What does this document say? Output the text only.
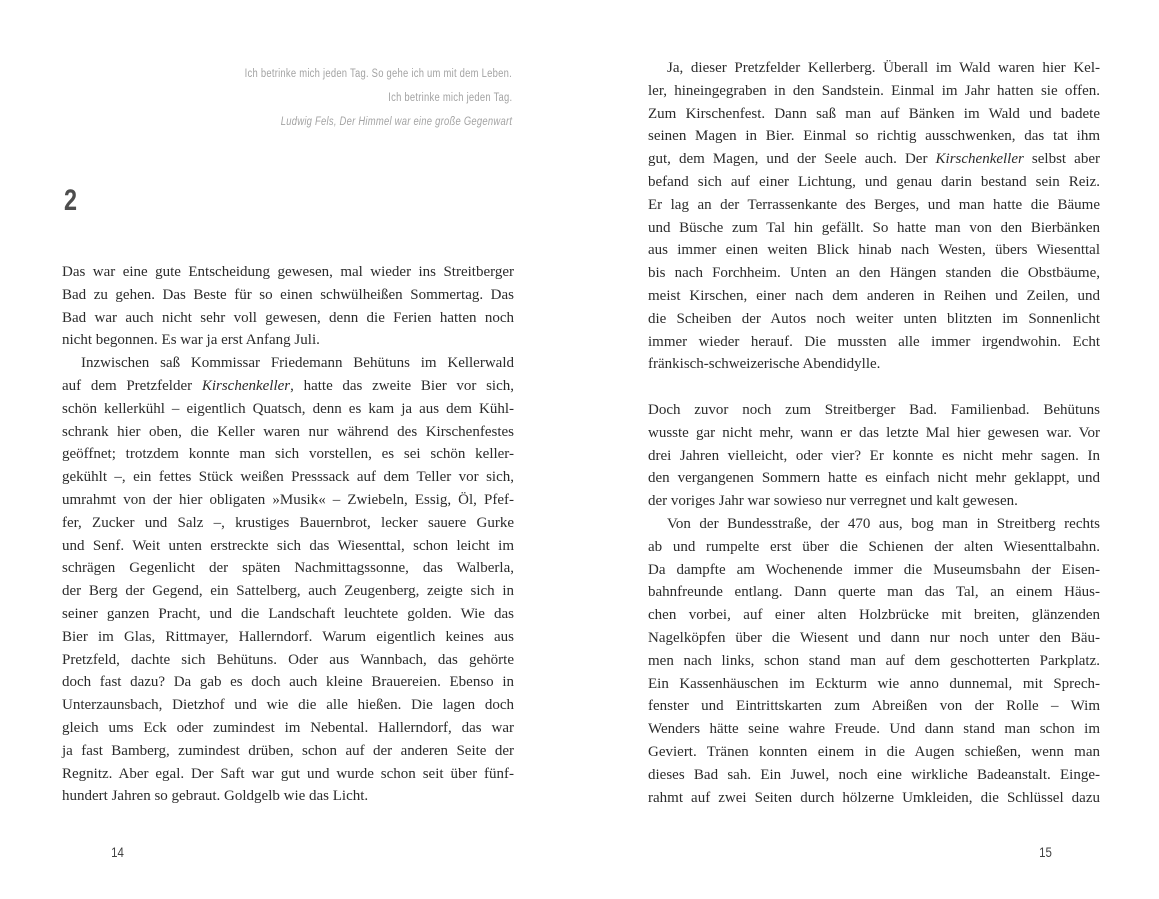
Ich betrinke mich jeden Tag. So gehe ich um mit dem Leben.
Ich betrinke mich jeden Tag.
Ludwig Fels, Der Himmel war eine große Gegenwart
2
Das war eine gute Entscheidung gewesen, mal wieder ins Streitberger
Bad zu gehen. Das Beste für so einen schwülheißen Sommertag. Das
Bad war auch nicht sehr voll gewesen, denn die Ferien hatten noch
nicht begonnen. Es war ja erst Anfang Juli.
Inzwischen saß Kommissar Friedemann Behütuns im Kellerwald
auf dem Pretzfelder Kirschenkeller, hatte das zweite Bier vor sich,
schön kellerkühl – eigentlich Quatsch, denn es kam ja aus dem Kühl-
schrank hier oben, die Keller waren nur während des Kirschenfestes
geöffnet; trotzdem konnte man sich vorstellen, es sei schön keller-
gekühlt –, ein fettes Stück weißen Presssack auf dem Teller vor sich,
umrahmt von der hier obligaten »Musik« – Zwiebeln, Essig, Öl, Pfef-
fer, Zucker und Salz –, krustiges Bauernbrot, lecker sauere Gurke
und Senf. Weit unten erstreckte sich das Wiesenttal, schon leicht im
schrägen Gegenlicht der späten Nachmittagssonne, das Walberla,
der Berg der Gegend, ein Sattelberg, auch Zeugenberg, zeigte sich in
seiner ganzen Pracht, und die Landschaft leuchtete golden. Wie das
Bier im Glas, Rittmayer, Hallerndorf. Warum eigentlich keines aus
Pretzfeld, dachte sich Behütuns. Oder aus Wannbach, das gehörte
doch fast dazu? Da gab es doch auch kleine Brauereien. Ebenso in
Unterzaunsbach, Dietzhof und wie die alle hießen. Die lagen doch
gleich ums Eck oder zumindest im Nebental. Hallerndorf, das war
ja fast Bamberg, zumindest drüben, schon auf der anderen Seite der
Regnitz. Aber egal. Der Saft war gut und wurde schon seit über fünf-
hundert Jahren so gebraut. Goldgelb wie das Licht.
14
Ja, dieser Pretzfelder Kellerberg. Überall im Wald waren hier Kel-
ler, hineingegraben in den Sandstein. Einmal im Jahr hatten sie offen.
Zum Kirschenfest. Dann saß man auf Bänken im Wald und badete
seinen Magen in Bier. Einmal so richtig ausschwenken, das tat ihm
gut, dem Magen, und der Seele auch. Der Kirschenkeller selbst aber
befand sich auf einer Lichtung, und genau darin bestand sein Reiz.
Er lag an der Terrassenkante des Berges, und man hatte die Bäume
und Büsche zum Tal hin gefällt. So hatte man von den Bierbänken
aus immer einen weiten Blick hinab nach Westen, übers Wiesenttal
bis nach Forchheim. Unten an den Hängen standen die Obstbäume,
meist Kirschen, einer nach dem anderen in Reihen und Zeilen, und
die Scheiben der Autos noch weiter unten blitzten im Sonnenlicht
immer wieder herauf. Die mussten alle immer irgendwohin. Echt
fränkisch-schweizerische Abendidylle.
Doch zuvor noch zum Streitberger Bad. Familienbad. Behütuns
wusste gar nicht mehr, wann er das letzte Mal hier gewesen war. Vor
drei Jahren vielleicht, oder vier? Er konnte es nicht mehr sagen. In
den vergangenen Sommern hatte es einfach nicht mehr geklappt, und
der voriges Jahr war sowieso nur verregnet und kalt gewesen.
Von der Bundesstraße, der 470 aus, bog man in Streitberg rechts
ab und rumpelte erst über die Schienen der alten Wiesenttalbahn.
Da dampfte am Wochenende immer die Museumsbahn der Eisen-
bahnfreunde entlang. Dann querte man das Tal, an einem Häus-
chen vorbei, auf einer alten Holzbrücke mit breiten, glänzenden
Nagelköpfen über die Wiesent und dann nur noch unter den Bäu-
men nach links, schon stand man auf dem geschotterten Parkplatz.
Ein Kassenhäuschen im Eckturm wie anno dunnemal, mit Sprech-
fenster und Eintrittskarten zum Abreißen von der Rolle – Wim
Wenders hätte seine wahre Freude. Und dann stand man schon im
Geviert. Tränen konnten einem in die Augen schießen, wenn man
dieses Bad sah. Ein Juwel, noch eine wirkliche Badeanstalt. Einge-
rahmt auf zwei Seiten durch hölzerne Umkleiden, die Schlüssel dazu
15
